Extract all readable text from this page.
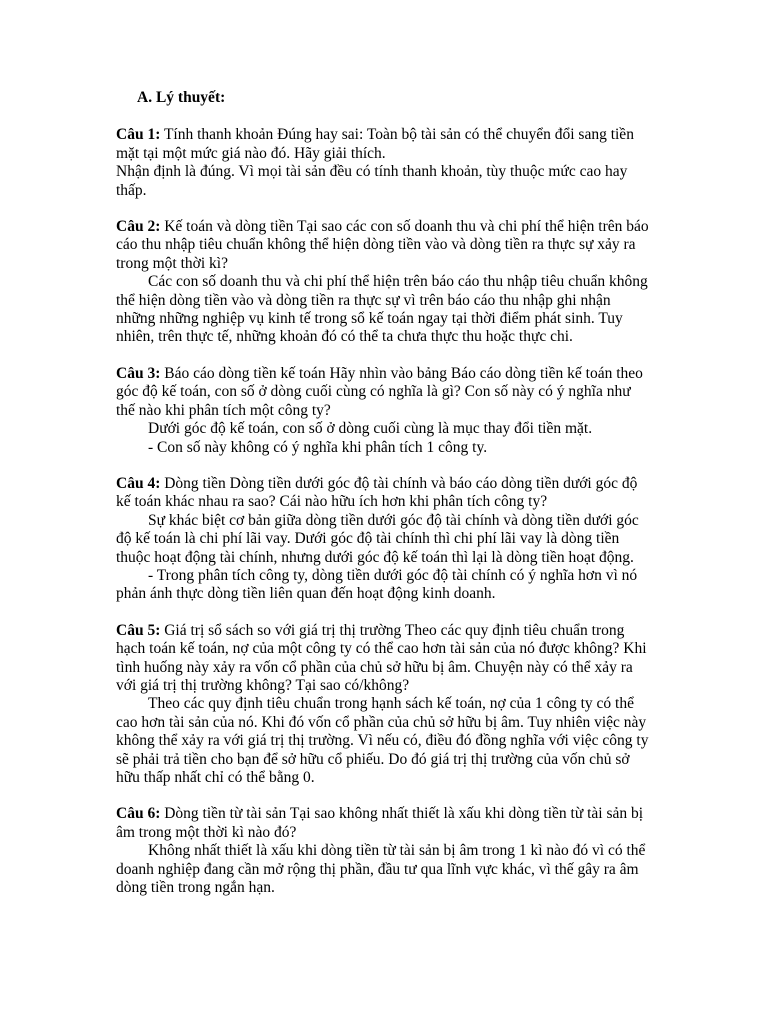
A. Lý thuyết:

Câu 1: Tính thanh khoản Đúng hay sai: Toàn bộ tài sản có thể chuyển đổi sang tiền mặt tại một mức giá nào đó. Hãy giải thích.

Nhận định là đúng. Vì mọi tài sản đều có tính thanh khoản, tùy thuộc mức cao hay thấp.

Câu 2: Kế toán và dòng tiền Tại sao các con số doanh thu và chi phí thể hiện trên báo cáo thu nhập tiêu chuẩn không thể hiện dòng tiền vào và dòng tiền ra thực sự xảy ra trong một thời kì?

Các con số doanh thu và chi phí thể hiện trên báo cáo thu nhập tiêu chuẩn không thể hiện dòng tiền vào và dòng tiền ra thực sự vì trên báo cáo thu nhập ghi nhận những những nghiệp vụ kinh tế trong sổ kế toán ngay tại thời điểm phát sinh. Tuy nhiên, trên thực tế, những khoản đó có thể ta chưa thực thu hoặc thực chi.

Câu 3: Báo cáo dòng tiền kế toán Hãy nhìn vào bảng Báo cáo dòng tiền kế toán theo góc độ kế toán, con số ở dòng cuối cùng có nghĩa là gì? Con số này có ý nghĩa như thế nào khi phân tích một công ty?

Dưới góc độ kế toán, con số ở dòng cuối cùng là mục thay đổi tiền mặt.

- Con số này không có ý nghĩa khi phân tích 1 công ty.

Câu 4: Dòng tiền Dòng tiền dưới góc độ tài chính và báo cáo dòng tiền dưới góc độ kế toán khác nhau ra sao? Cái nào hữu ích hơn khi phân tích công ty?

Sự khác biệt cơ bản giữa dòng tiền dưới góc độ tài chính và dòng tiền dưới góc độ kế toán là chi phí lãi vay. Dưới góc độ tài chính thì chi phí lãi vay là dòng tiền thuộc hoạt động tài chính, nhưng dưới góc độ kế toán thì lại là dòng tiền hoạt động.

- Trong phân tích công ty, dòng tiền dưới góc độ tài chính có ý nghĩa hơn vì nó phản ánh thực dòng tiền liên quan đến hoạt động kinh doanh.

Câu 5: Giá trị sổ sách so với giá trị thị trường Theo các quy định tiêu chuẩn trong hạch toán kế toán, nợ của một công ty có thể cao hơn tài sản của nó được không? Khi tình huống này xảy ra vốn cổ phần của chủ sở hữu bị âm. Chuyện này có thể xảy ra với giá trị thị trường không? Tại sao có/không?

Theo các quy định tiêu chuẩn trong hạnh sách kế toán, nợ của 1 công ty có thể cao hơn tài sản của nó. Khi đó vốn cổ phần của chủ sở hữu bị âm. Tuy nhiên việc này không thể xảy ra với giá trị thị trường. Vì nếu có, điều đó đồng nghĩa với việc công ty sẽ phải trả tiền cho bạn để sở hữu cổ phiếu. Do đó giá trị thị trường của vốn chủ sở hữu thấp nhất chỉ có thể bằng 0.

Câu 6: Dòng tiền từ tài sản Tại sao không nhất thiết là xấu khi dòng tiền từ tài sản bị âm trong một thời kì nào đó?

Không nhất thiết là xấu khi dòng tiền từ tài sản bị âm trong 1 kì nào đó vì có thể doanh nghiệp đang cần mở rộng thị phần, đầu tư qua lĩnh vực khác, vì thế gây ra âm dòng tiền trong ngắn hạn.
